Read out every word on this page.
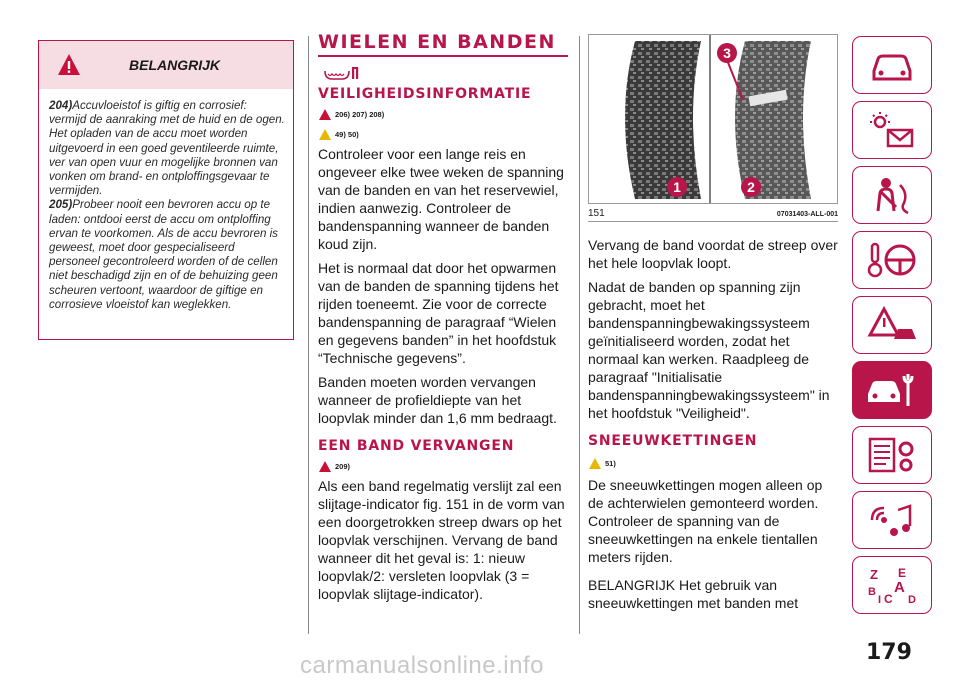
BELANGRIJK

204)Accuvloeistof is giftig en corrosief: vermijd de aanraking met de huid en de ogen. Het opladen van de accu moet worden uitgevoerd in een goed geventileerde ruimte, ver van open vuur en mogelijke bronnen van vonken om brand- en ontploffingsgevaar te vermijden.

205)Probeer nooit een bevroren accu op te laden: ontdooi eerst de accu om ontploffing ervan te voorkomen. Als de accu bevroren is geweest, moet door gespecialiseerd personeel gecontroleerd worden of de cellen niet beschadigd zijn en of de behuizing geen scheuren vertoont, waardoor de giftige en corrosieve vloeistof kan weglekken.

WIELEN EN BANDEN
VEILIGHEIDSINFORMATIE
206) 207) 208)
49) 50)

Controleer voor een lange reis en ongeveer elke twee weken de spanning van de banden en van het reservewiel, indien aanwezig. Controleer de bandenspanning wanneer de banden koud zijn.

Het is normaal dat door het opwarmen van de banden de spanning tijdens het rijden toeneemt. Zie voor de correcte bandenspanning de paragraaf “Wielen en gegevens banden” in het hoofdstuk “Technische gegevens”.

Banden moeten worden vervangen wanneer de profieldiepte van het loopvlak minder dan 1,6 mm bedraagt.

EEN BAND VERVANGEN
209)

Als een band regelmatig verslijt zal een slijtage-indicator fig. 151 in de vorm van een doorgetrokken streep dwars op het loopvlak verschijnen. Vervang de band wanneer dit het geval is: 1: nieuw loopvlak/2: versleten loopvlak (3 = loopvlak slijtage-indicator).

1	2
3
151	07031403-ALL-001

Vervang de band voordat de streep over het hele loopvlak loopt.

Nadat de banden op spanning zijn gebracht, moet het bandenspanningbewakingssysteem geïnitialiseerd worden, zodat het normaal kan werken. Raadpleeg de paragraaf "Initialisatie bandenspanningbewakingssysteem" in het hoofdstuk "Veiligheid".

SNEEUWKETTINGEN
51)

De sneeuwkettingen mogen alleen op de achterwielen gemonteerd worden. Controleer de spanning van de sneeuwkettingen na enkele tientallen meters rijden.

BELANGRIJK Het gebruik van sneeuwkettingen met banden met

Z E
A
B C D
I
179
carmanualsonline.info
